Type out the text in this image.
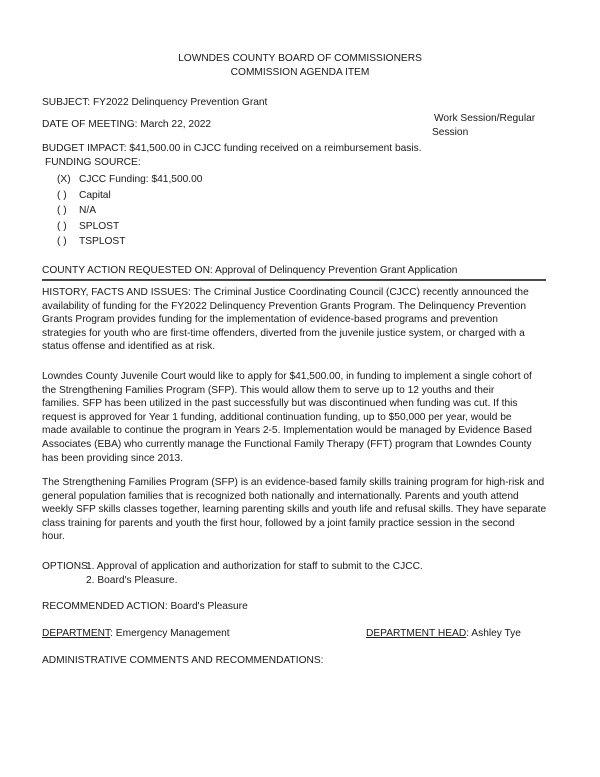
LOWNDES COUNTY BOARD OF COMMISSIONERS
COMMISSION AGENDA ITEM
SUBJECT: FY2022 Delinquency Prevention Grant
DATE OF MEETING: March 22, 2022
Work Session/Regular
Session
BUDGET IMPACT: $41,500.00 in CJCC funding received on a reimbursement basis.
FUNDING SOURCE:
(X) CJCC Funding: $41,500.00
( ) Capital
( ) N/A
( ) SPLOST
( ) TSPLOST
COUNTY ACTION REQUESTED ON: Approval of Delinquency Prevention Grant Application
HISTORY, FACTS AND ISSUES: The Criminal Justice Coordinating Council (CJCC) recently announced the
availability of funding for the FY2022 Delinquency Prevention Grants Program. The Delinquency Prevention
Grants Program provides funding for the implementation of evidence-based programs and prevention
strategies for youth who are first-time offenders, diverted from the juvenile justice system, or charged with a
status offense and identified as at risk.
Lowndes County Juvenile Court would like to apply for $41,500.00, in funding to implement a single cohort of
the Strengthening Families Program (SFP). This would allow them to serve up to 12 youths and their
families. SFP has been utilized in the past successfully but was discontinued when funding was cut. If this
request is approved for Year 1 funding, additional continuation funding, up to $50,000 per year, would be
made available to continue the program in Years 2-5. Implementation would be managed by Evidence Based
Associates (EBA) who currently manage the Functional Family Therapy (FFT) program that Lowndes County
has been providing since 2013.
The Strengthening Families Program (SFP) is an evidence-based family skills training program for high-risk and
general population families that is recognized both nationally and internationally. Parents and youth attend
weekly SFP skills classes together, learning parenting skills and youth life and refusal skills. They have separate
class training for parents and youth the first hour, followed by a joint family practice session in the second
hour.
OPTIONS:
1. Approval of application and authorization for staff to submit to the CJCC.
2. Board's Pleasure.
RECOMMENDED ACTION: Board's Pleasure
DEPARTMENT: Emergency Management	DEPARTMENT HEAD: Ashley Tye
ADMINISTRATIVE COMMENTS AND RECOMMENDATIONS:
